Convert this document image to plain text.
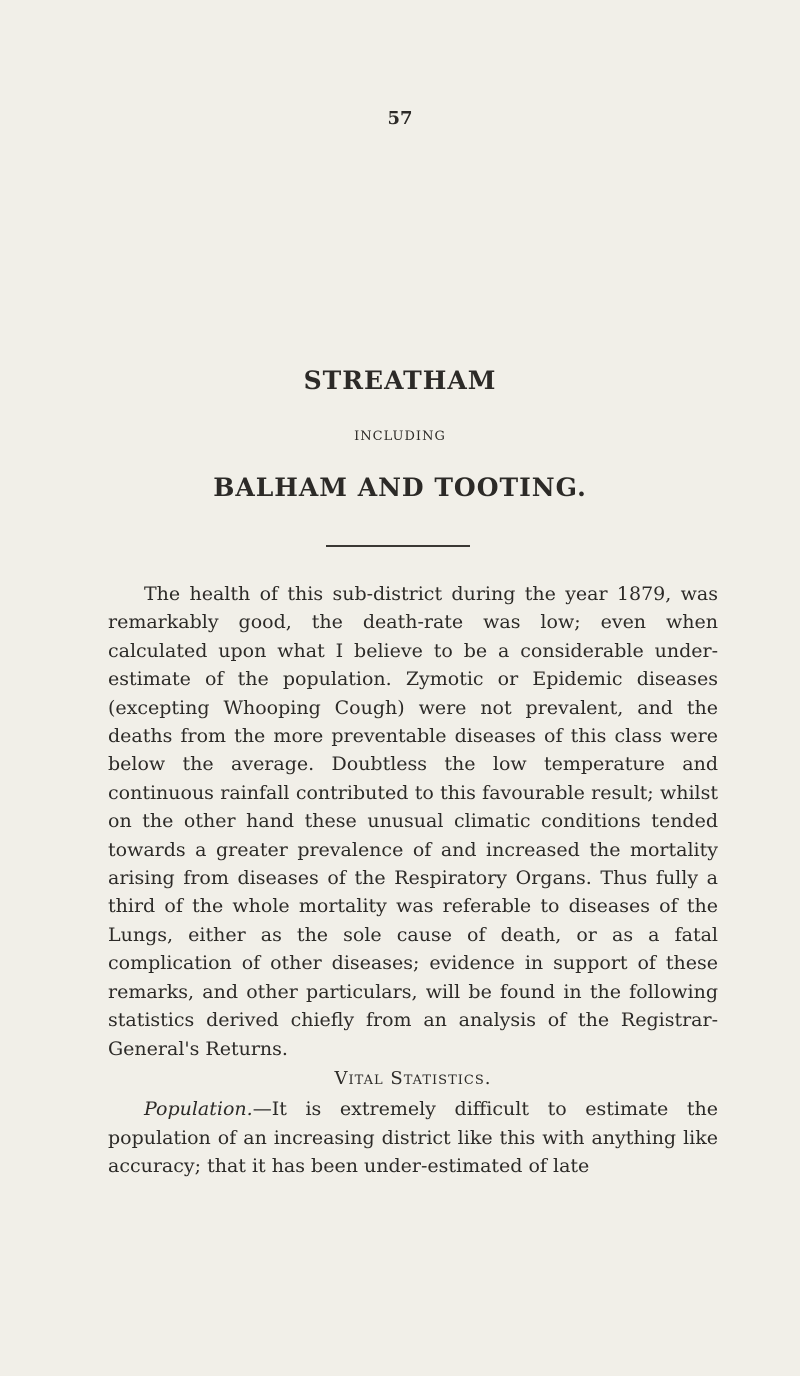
57
STREATHAM
INCLUDING
BALHAM AND TOOTING.

The health of this sub-district during the year 1879, was remarkably good, the death-rate was low; even when calculated upon what I believe to be a considerable under-estimate of the population. Zymotic or Epidemic diseases (excepting Whooping Cough) were not prevalent, and the deaths from the more preventable diseases of this class were below the average. Doubtless the low temperature and continuous rainfall contributed to this favourable result; whilst on the other hand these unusual climatic conditions tended towards a greater prevalence of and increased the mortality arising from diseases of the Respiratory Organs. Thus fully a third of the whole mortality was referable to diseases of the Lungs, either as the sole cause of death, or as a fatal complication of other diseases; evidence in support of these remarks, and other particulars, will be found in the following statistics derived chiefly from an analysis of the Registrar-General's Returns.

Vital Statistics.

Population.—It is extremely difficult to estimate the population of an increasing district like this with anything like accuracy; that it has been under-estimated of late
